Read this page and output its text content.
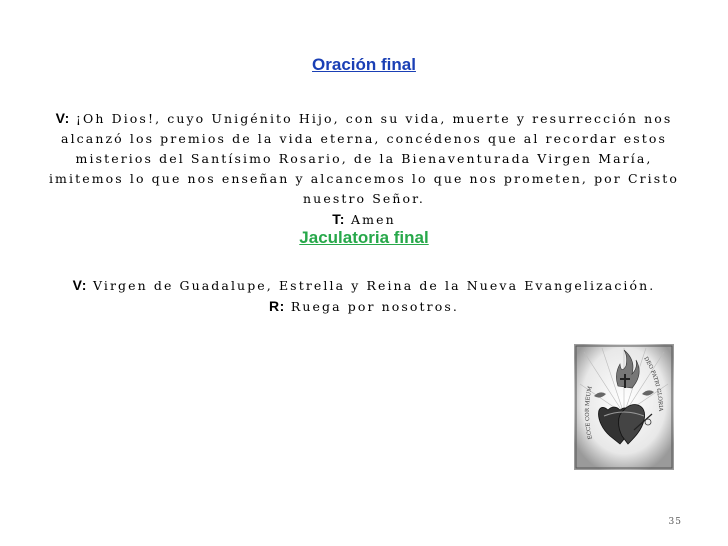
Oración final
V: ¡Oh Dios!, cuyo Unigénito Hijo, con su vida, muerte y resurrección nos alcanzó los premios de la vida eterna, concédenos que al recordar estos misterios del Santísimo Rosario, de la Bienaventurada Virgen María, imitemos lo que nos enseñan y alcancemos lo que nos prometen, por Cristo nuestro Señor.
T: Amen
Jaculatoria final
V: Virgen de Guadalupe, Estrella y Reina de la Nueva Evangelización.
R: Ruega por nosotros.
ECCE COR MEUM
DEO PATRI GLORIA
35
